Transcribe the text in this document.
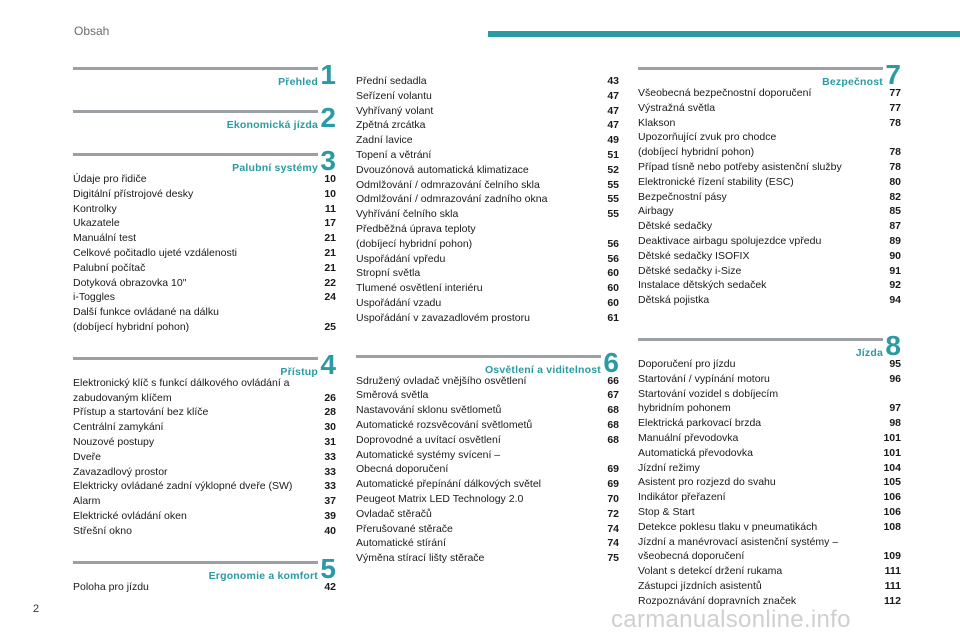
Obsah
Přehled 1
Ekonomická jízda 2
Palubní systémy 3
Údaje pro řidiče	10
Digitální přístrojové desky	10
Kontrolky	11
Ukazatele	17
Manuální test	21
Celkové počitadlo ujeté vzdálenosti	21
Palubní počítač	21
Dotyková obrazovka 10"	22
i-Toggles	24
Další funkce ovládané na dálku
(dobíjecí hybridní pohon)	25
Přístup 4
Elektronický klíč s funkcí dálkového ovládání a
zabudovaným klíčem	26
Přístup a startování bez klíče	28
Centrální zamykání	30
Nouzové postupy	31
Dveře	33
Zavazadlový prostor	33
Elektricky ovládané zadní výklopné dveře (SW)	33
Alarm	37
Elektrické ovládání oken	39
Střešní okno	40
Ergonomie a komfort 5
Poloha pro jízdu	42
Přední sedadla	43
Seřízení volantu	47
Vyhřívaný volant	47
Zpětná zrcátka	47
Zadní lavice	49
Topení a větrání	51
Dvouzónová automatická klimatizace	52
Odmlžování / odmrazování čelního skla	55
Odmlžování / odmrazování zadního okna	55
Vyhřívání čelního skla	55
Předběžná úprava teploty
(dobíjecí hybridní pohon)	56
Uspořádání vpředu	56
Stropní světla	60
Tlumené osvětlení interiéru	60
Uspořádání vzadu	60
Uspořádání v zavazadlovém prostoru	61
Osvětlení a viditelnost 6
Sdružený ovladač vnějšího osvětlení	66
Směrová světla	67
Nastavování sklonu světlometů	68
Automatické rozsvěcování světlometů	68
Doprovodné a uvítací osvětlení	68
Automatické systémy svícení –
Obecná doporučení	69
Automatické přepínání dálkových světel	69
Peugeot Matrix LED Technology 2.0	70
Ovladač stěračů	72
Přerušované stěrače	74
Automatické stírání	74
Výměna stírací lišty stěrače	75
Bezpečnost 7
Všeobecná bezpečnostní doporučení	77
Výstražná světla	77
Klakson	78
Upozorňující zvuk pro chodce
(dobíjecí hybridní pohon)	78
Případ tísně nebo potřeby asistenční služby	78
Elektronické řízení stability (ESC)	80
Bezpečnostní pásy	82
Airbagy	85
Dětské sedačky	87
Deaktivace airbagu spolujezdce vpředu	89
Dětské sedačky ISOFIX	90
Dětské sedačky i-Size	91
Instalace dětských sedaček	92
Dětská pojistka	94
Jízda 8
Doporučení pro jízdu	95
Startování / vypínání motoru	96
Startování vozidel s dobíjecím
hybridním pohonem	97
Elektrická parkovací brzda	98
Manuální převodovka	101
Automatická převodovka	101
Jízdní režimy	104
Asistent pro rozjezd do svahu	105
Indikátor přeřazení	106
Stop & Start	106
Detekce poklesu tlaku v pneumatikách	108
Jízdní a manévrovací asistenční systémy –
všeobecná doporučení	109
Volant s detekcí držení rukama	111
Zástupci jízdních asistentů	111
Rozpoznávání dopravních značek	112
2	carmanualsonline.info
